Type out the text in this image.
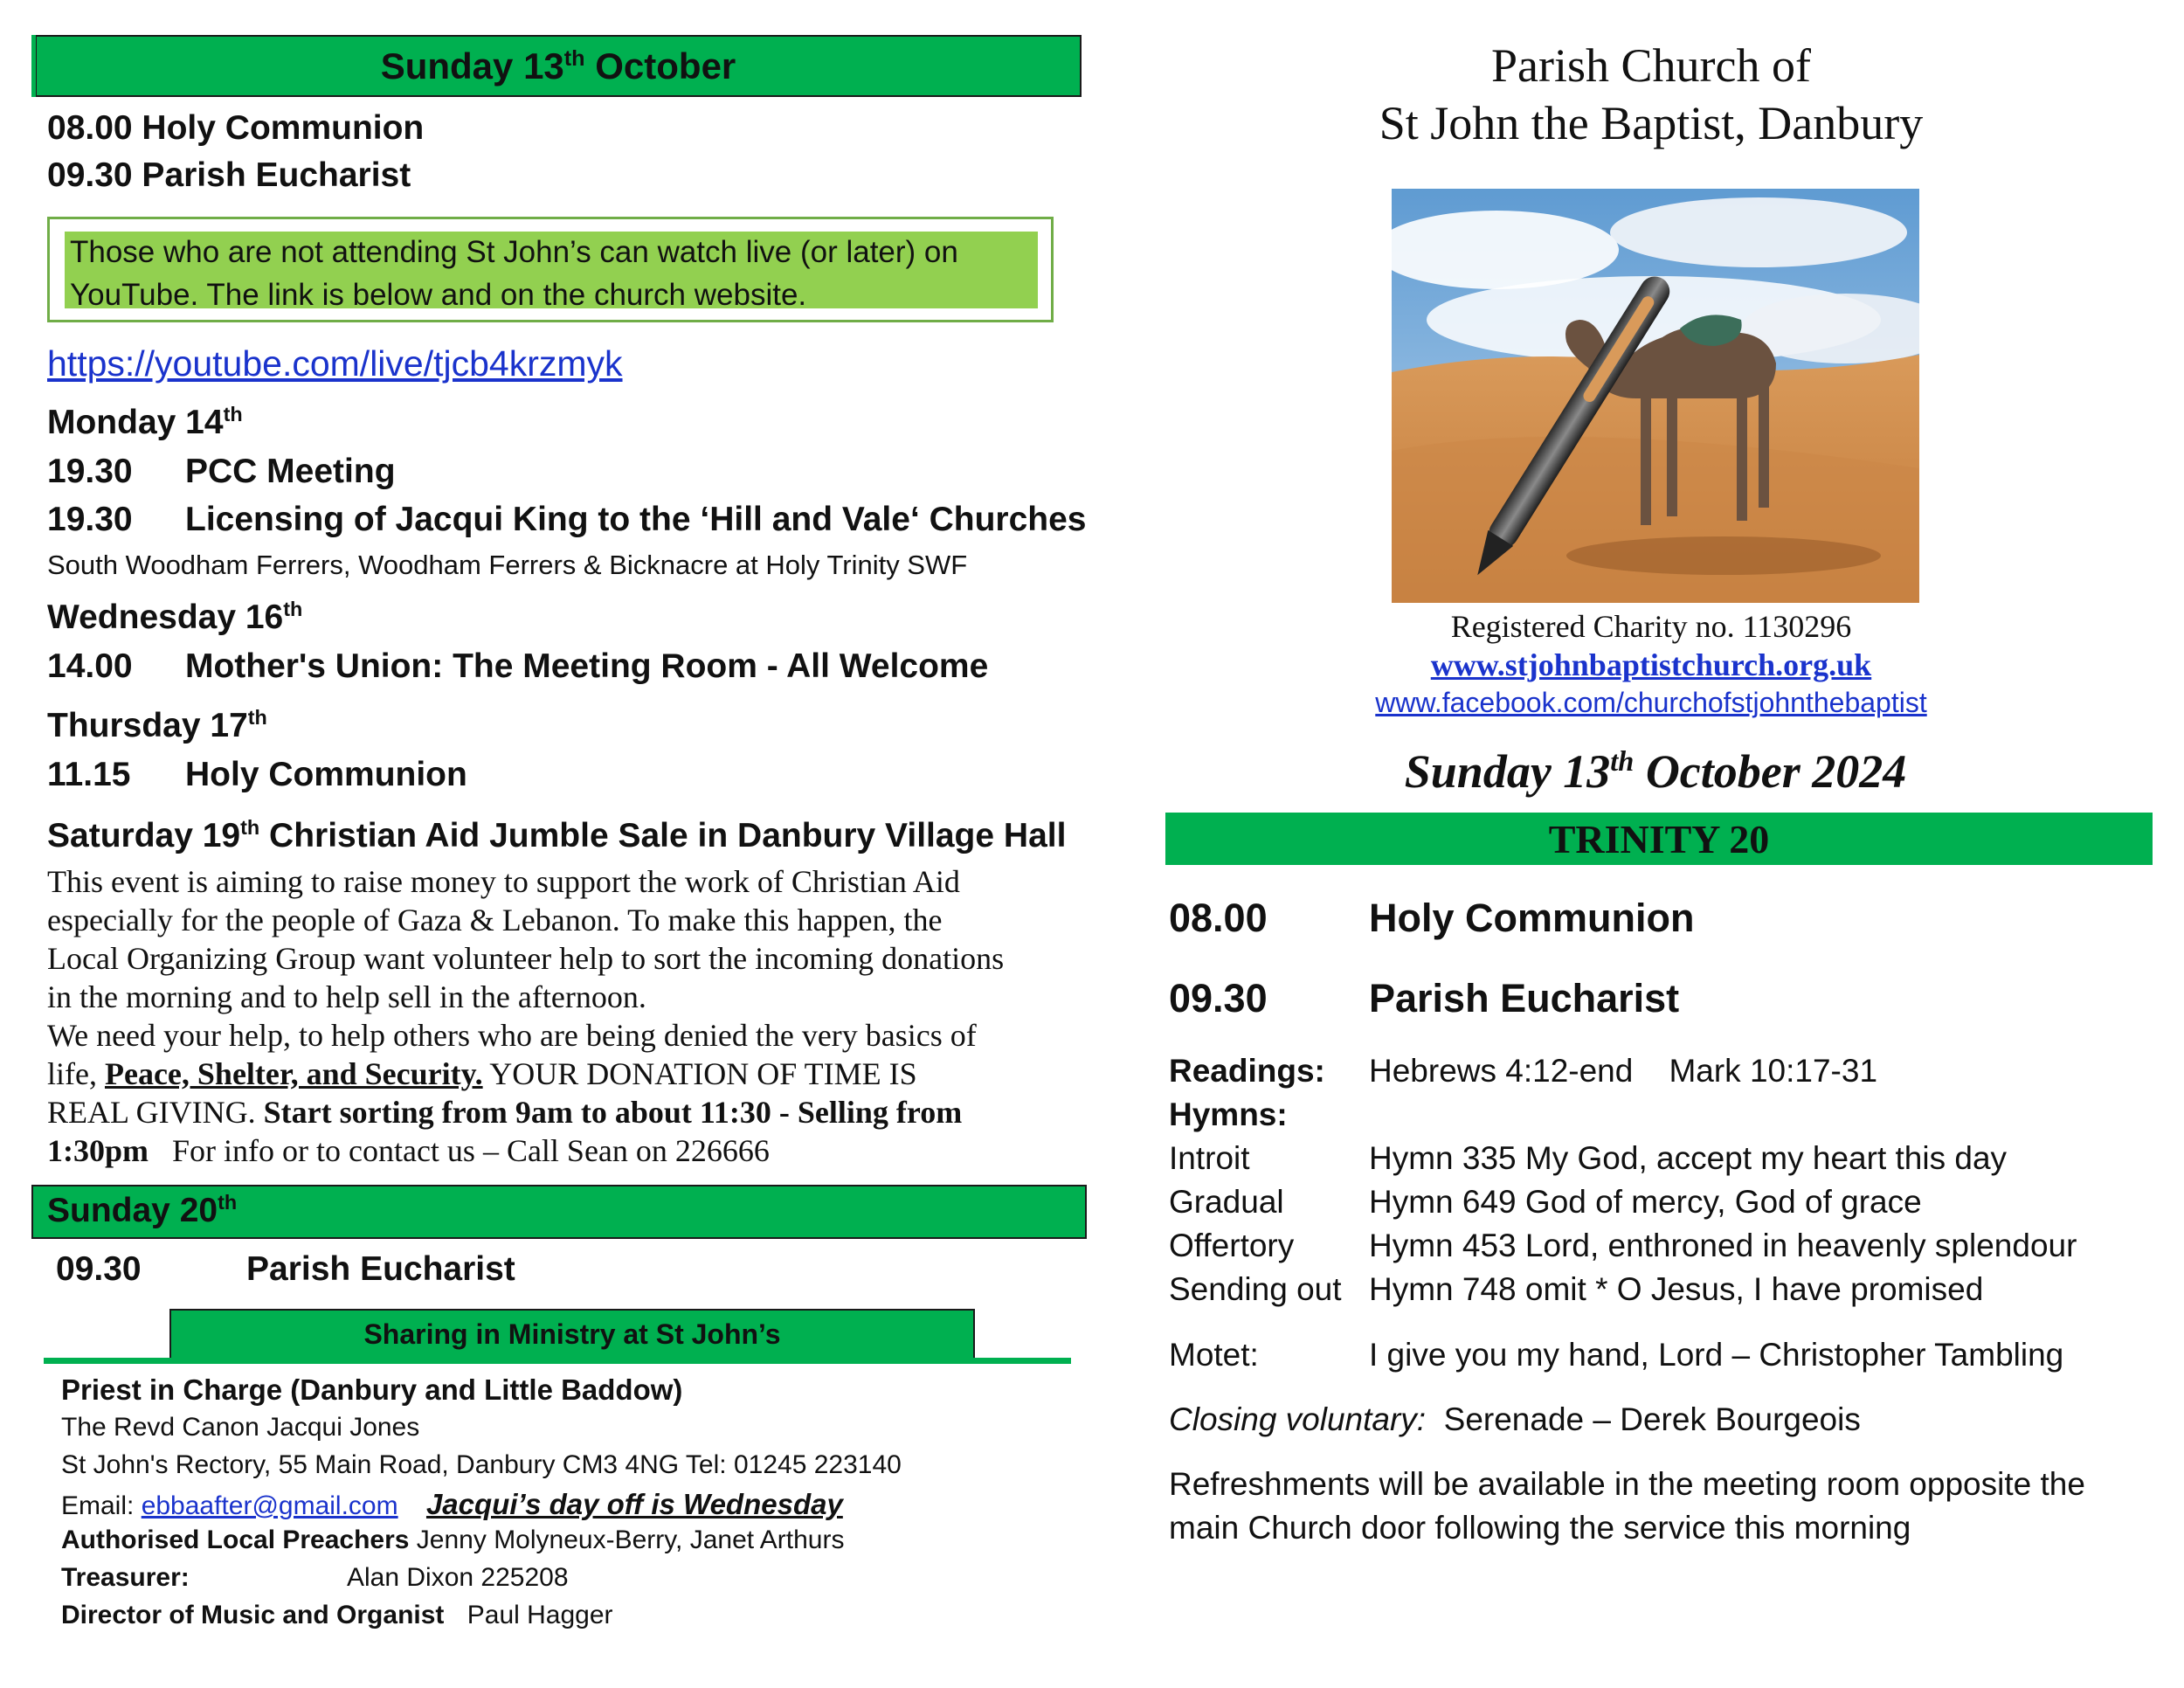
Sunday 13th October
08.00 Holy Communion
09.30 Parish Eucharist
Those who are not attending St John’s can watch live (or later) on
YouTube. The link is below and on the church website.
https://youtube.com/live/tjcb4krzmyk
Monday 14th
19.30 PCC Meeting
19.30 Licensing of Jacqui King to the ‘Hill and Vale‘ Churches
South Woodham Ferrers, Woodham Ferrers & Bicknacre at Holy Trinity SWF
Wednesday 16th
14.00 Mother's Union: The Meeting Room - All Welcome
Thursday 17th
11.15 Holy Communion
Saturday 19th Christian Aid Jumble Sale in Danbury Village Hall
This event is aiming to raise money to support the work of Christian Aid
especially for the people of Gaza & Lebanon. To make this happen, the
Local Organizing Group want volunteer help to sort the incoming donations
in the morning and to help sell in the afternoon.
We need your help, to help others who are being denied the very basics of
life, Peace, Shelter, and Security. YOUR DONATION OF TIME IS
REAL GIVING. Start sorting from 9am to about 11:30 - Selling from
1:30pm   For info or to contact us – Call Sean on 226666
Sunday 20th
09.30	Parish Eucharist
Sharing in Ministry at St John’s
Priest in Charge (Danbury and Little Baddow)
The Revd Canon Jacqui Jones
St John's Rectory, 55 Main Road, Danbury CM3 4NG Tel: 01245 223140
Email: ebbaafter@gmail.com Jacqui’s day off is Wednesday
Authorised Local Preachers Jenny Molyneux-Berry, Janet Arthurs
Treasurer:	Alan Dixon 225208
Director of Music and Organist Paul Hagger
Parish Church of
St John the Baptist, Danbury
Registered Charity no. 1130296
www.stjohnbaptistchurch.org.uk
www.facebook.com/churchofstjohnthebaptist
Sunday 13th October 2024
TRINITY 20
08.00	Holy Communion
09.30	Parish Eucharist
Readings: Hebrews 4:12-end    Mark 10:17-31
Hymns:
Introit	Hymn 335 My God, accept my heart this day
Gradual	Hymn 649 God of mercy, God of grace
Offertory Hymn 453 Lord, enthroned in heavenly splendour
Sending out Hymn 748 omit * O Jesus, I have promised
Motet:	I give you my hand, Lord – Christopher Tambling
Closing voluntary:  Serenade – Derek Bourgeois
Refreshments will be available in the meeting room opposite the
main Church door following the service this morning
